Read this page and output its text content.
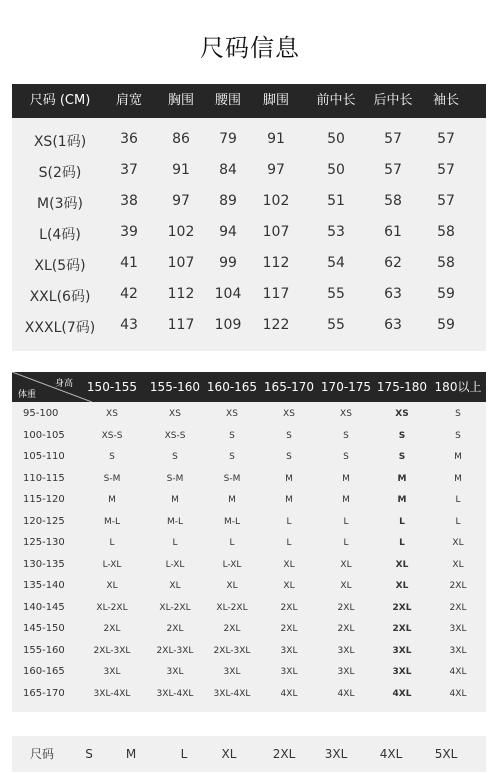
尺码信息
尺码 (CM)	肩宽	胸围	腰围	脚围	前中长	后中长	袖长
XS(1码)	36	86	79	91	50	57	57
S(2码)	37	91	84	97	50	57	57
M(3码)	38	97	89	102	51	58	57
L(4码)	39	102	94	107	53	61	58
XL(5码)	41	107	99	112	54	62	58
XXL(6码)	42	112	104	117	55	63	59
XXXL(7码)	43	117	109	122	55	63	59
体重
身高	150-155	155-160 160-165 165-170 170-175 175-180 180以上
95-100	XS	XS	XS	XS	XS	XS	S
100-105	XS-S	XS-S	S	S	S	S	S
105-110	S	S	S	S	S	S	M
110-115	S-M	S-M	S-M	M	M	M	M
115-120	M	M	M	M	M	M	L
120-125	M-L	M-L	M-L	L	L	L	L
125-130	L	L	L	L	L	L	XL
130-135	L-XL	L-XL	L-XL	XL	XL	XL	XL
135-140	XL	XL	XL	XL	XL	XL	2XL
140-145	XL-2XL	XL-2XL	XL-2XL	2XL	2XL	2XL	2XL
145-150	2XL	2XL	2XL	2XL	2XL	2XL	3XL
155-160	2XL-3XL	2XL-3XL	2XL-3XL	3XL	3XL	3XL	3XL
160-165	3XL	3XL	3XL	3XL	3XL	3XL	4XL
165-170	3XL-4XL	3XL-4XL	3XL-4XL	4XL	4XL	4XL	4XL
尺码	S	M	L	XL	2XL	3XL	4XL	5XL
